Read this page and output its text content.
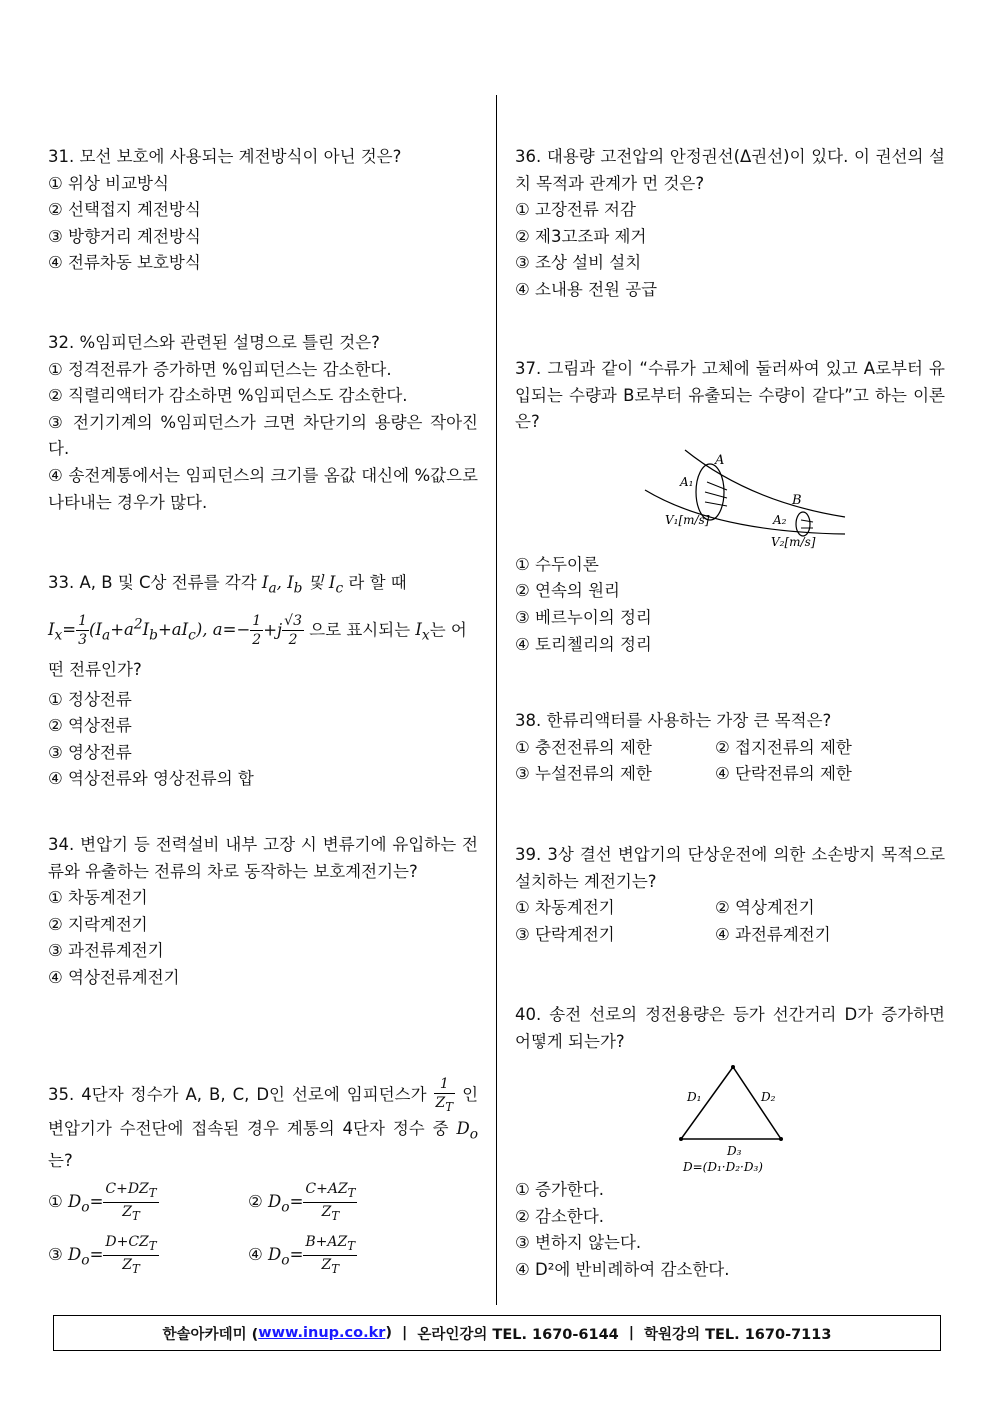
31. 모선 보호에 사용되는 계전방식이 아닌 것은?
① 위상 비교방식
② 선택접지 계전방식
③ 방향거리 계전방식
④ 전류차동 보호방식
32. %임피던스와 관련된 설명으로 틀린 것은?
① 정격전류가 증가하면 %임피던스는 감소한다.
② 직렬리액터가 감소하면 %임피던스도 감소한다.
③ 전기기계의 %임피던스가 크면 차단기의 용량은 작아진다.
④ 송전계통에서는 임피던스의 크기를 옴값 대신에 %값으로 나타내는 경우가 많다.
33. A, B 및 C상 전류를 각각 $I_a$, $I_b$ 및 $I_c$ 라 할 때
$I_x= \frac{1}{3} (I_a+a^2I_b+aI_c)$, $a=- \frac{1}{2} +j \frac{√3}{2}$ 으로 표시되는 $I_x$는 어떤 전류인가?
① 정상전류
② 역상전류
③ 영상전류
④ 역상전류와 영상전류의 합
34. 변압기 등 전력설비 내부 고장 시 변류기에 유입하는 전류와 유출하는 전류의 차로 동작하는 보호계전기는?
① 차동계전기
② 지락계전기
③ 과전류계전기
④ 역상전류계전기
35. 4단자 정수가 A, B, C, D인 선로에 임피던스가 $\frac{1}{Z_T}$ 인 변압기가 수전단에 접속된 경우 계통의 4단자 정수 중 $D_o$는?
① $D_o= \frac{C+DZ_T}{Z_T}$	② $D_o= \frac{C+AZ_T}{Z_T}$
③ $D_o= \frac{D+CZ_T}{Z_T}$	④ $D_o= \frac{B+AZ_T}{Z_T}$
36. 대용량 고전압의 안정권선(Δ권선)이 있다. 이 권선의 설치 목적과 관계가 먼 것은?
① 고장전류 저감
② 제3고조파 제거
③ 조상 설비 설치
④ 소내용 전원 공급
37. 그림과 같이 “수류가 고체에 둘러싸여 있고 A로부터 유입되는 수량과 B로부터 유출되는 수량이 같다”고 하는 이론은?
A
A₁
B
A₂
V₁[m/s]
V₂[m/s]
① 수두이론
② 연속의 원리
③ 베르누이의 정리
④ 토리첼리의 정리
38. 한류리액터를 사용하는 가장 큰 목적은?
① 충전전류의 제한	② 접지전류의 제한
③ 누설전류의 제한	④ 단락전류의 제한
39. 3상 결선 변압기의 단상운전에 의한 소손방지 목적으로 설치하는 계전기는?
① 차동계전기	② 역상계전기
③ 단락계전기	④ 과전류계전기
40. 송전 선로의 정전용량은 등가 선간거리 D가 증가하면 어떻게 되는가?
D₁	D₂
D₃
D=(D₁·D₂·D₃)
① 증가한다.
② 감소한다.
③ 변하지 않는다.
④ D²에 반비례하여 감소한다.
한솔아카데미 ( www.inup.co.kr ) | 온라인강의 TEL. 1670-6144 | 학원강의 TEL. 1670-7113
